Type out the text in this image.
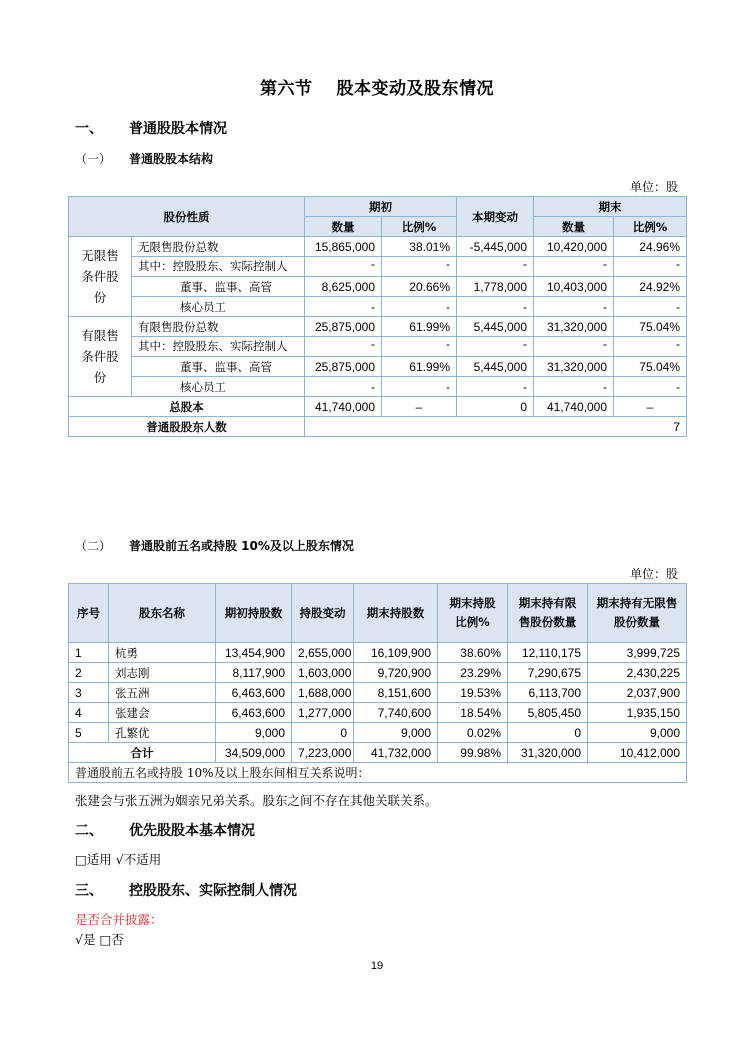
第六节 股本变动及股东情况
一、 普通股股本情况
（一） 普通股股本结构
单位：股
股份性质		期初		本期变动	期末	
		数量	比例%		数量	比例%
无限售条件股份	无限售股份总数	15,865,000	38.01%	-5,445,000	10,420,000	24.96%
	其中：控股股东、实际控制人	-	-	-	-	-

	董事、监事、高管	8,625,000	20.66%	1,778,000	10,403,000	24.92%
	核心员工	-	-	-	-	-
有限售条件股份	有限售股份总数	25,875,000	61.99%	5,445,000	31,320,000	75.04%
	其中：控股股东、实际控制人	-	-	-	-	-

	董事、监事、高管	25,875,000	61.99%	5,445,000	31,320,000	75.04%
	核心员工	-	-	-	-	-
总股本		41,740,000	–	0	41,740,000	–
普通股股东人数		7				
（二） 普通股前五名或持股 10%及以上股东情况
单位：股
序号	股东名称	期初持股数	持股变动	期末持股数	期末持股比例%	期末持有限售股份数量	期末持有无限售股份数量
1	杭勇	13,454,900	2,655,000	16,109,900	38.60%	12,110,175	3,999,725
2	刘志刚	8,117,900	1,603,000	9,720,900	23.29%	7,290,675	2,430,225
3	张五洲	6,463,600	1,688,000	8,151,600	19.53%	6,113,700	2,037,900
4	张建会	6,463,600	1,277,000	7,740,600	18.54%	5,805,450	1,935,150
5	孔繁优	9,000	0	9,000	0.02%	0	9,000
合计		34,509,000	7,223,000	41,732,000	99.98%	31,320,000	10,412,000
普通股前五名或持股 10%及以上股东间相互关系说明：							
张建会与张五洲为姻亲兄弟关系。股东之间不存在其他关联关系。
二、 优先股股本基本情况
□适用 √不适用
三、 控股股东、实际控制人情况
是否合并披露：
√是 □否
19
